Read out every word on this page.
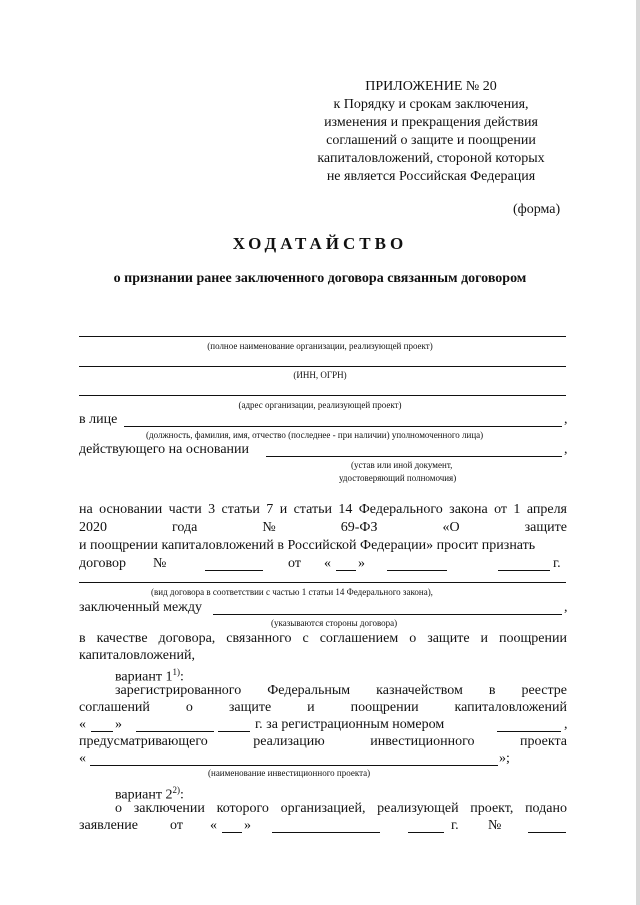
ПРИЛОЖЕНИЕ № 20
к Порядку и срокам заключения,
изменения и прекращения действия
соглашений о защите и поощрении
капиталовложений, стороной которых
не является Российская Федерация
(форма)
ХОДАТАЙСТВО
о признании ранее заключенного договора связанным договором
(полное наименование организации, реализующей проект)
(ИНН, ОГРН)
(адрес организации, реализующей проект)
в лице	,
(должность, фамилия, имя, отчество (последнее - при наличии) уполномоченного лица)
действующего на основании	,
(устав или иной документ,
удостоверяющий полномочия)
на основании части 3 статьи 7 и статьи 14 Федерального закона от 1 апреля
2020	года	№	69-ФЗ	«О	защите
и поощрении капиталовложений в Российской Федерации» просит признать
договор №	от « »	г.
(вид договора в соответствии с частью 1 статьи 14 Федерального закона),
заключенный между	,
(указываются стороны договора)
в качестве договора, связанного с соглашением о защите и поощрении
капиталовложений,
вариант 1$^{1)}$:
зарегистрированного Федеральным казначейством в реестре
соглашений	о	защите	и	поощрении	капиталовложений
« »	г. за регистрационным номером	,
предусматривающего	реализацию	инвестиционного	проекта
«	»;
(наименование инвестиционного проекта)
вариант 2$^{2)}$:
о заключении которого организацией, реализующей проект, подано
заявление от « »	г. №
